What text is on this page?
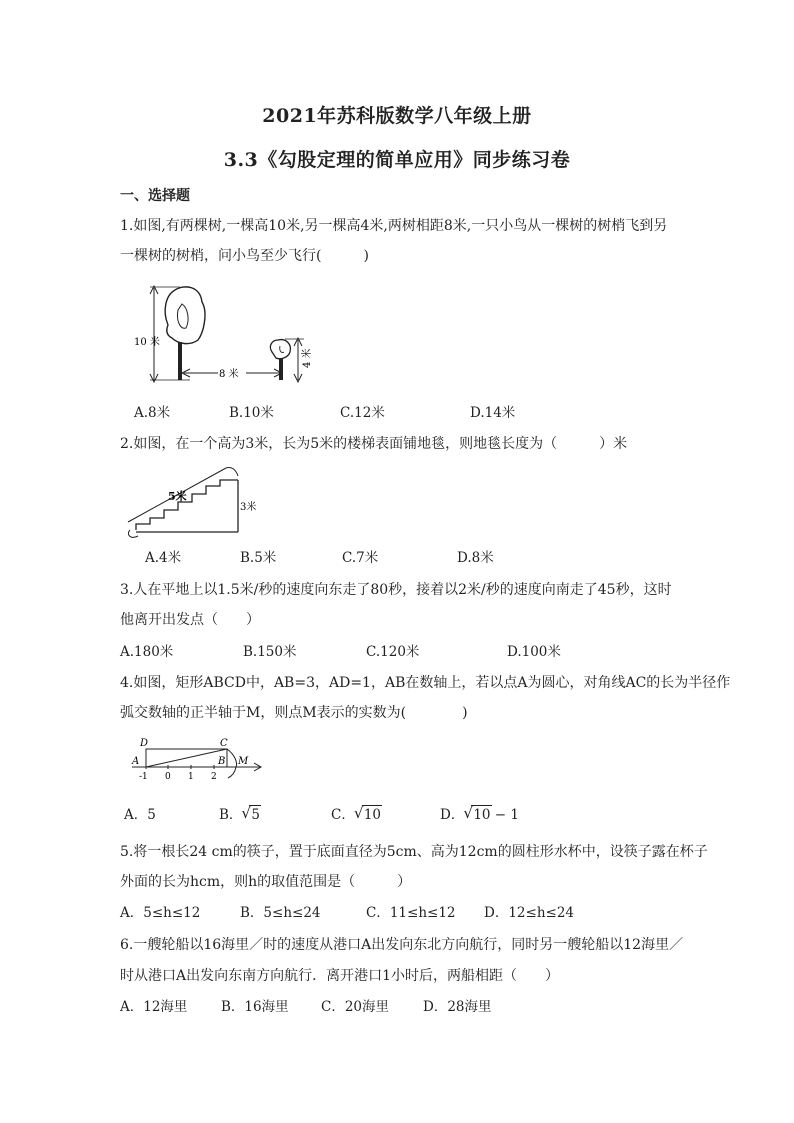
2021年苏科版数学八年级上册
3.3《勾股定理的简单应用》同步练习卷
一、选择题
1.如图,有两棵树,一棵高10米,另一棵高4米,两树相距8米,一只小鸟从一棵树的树梢飞到另
一棵树的树梢，问小鸟至少飞行(　　　)
10 米
8 米
4 米
A.8米	B.10米	C.12米	D.14米
2.如图，在一个高为3米，长为5米的楼梯表面铺地毯，则地毯长度为（　　　）米
5米
3米
A.4米	B.5米	C.7米	D.8米
3.人在平地上以1.5米/秒的速度向东走了80秒，接着以2米/秒的速度向南走了45秒，这时
他离开出发点（　　）
A.180米	B.150米	C.120米	D.100米
4.如图，矩形ABCD中，AB=3，AD=1，AB在数轴上，若以点A为圆心，对角线AC的长为半径作
弧交数轴的正半轴于M，则点M表示的实数为(　　　　)
D	C
A	B M
-1 0 1 2
A．5	B． √ 5	C． √ 10	D． √ 10 − 1
5.将一根长24 cm的筷子，置于底面直径为5cm、高为12cm的圆柱形水杯中，设筷子露在杯子
外面的长为hcm，则h的取值范围是（　　　）
A．5≤h≤12	B．5≤h≤24	C．11≤h≤12 D．12≤h≤24
6.一艘轮船以16海里／时的速度从港口A出发向东北方向航行，同时另一艘轮船以12海里／
时从港口A出发向东南方向航行．离开港口1小时后，两船相距（　　）
A．12海里 B．16海里 C．20海里	D．28海里
